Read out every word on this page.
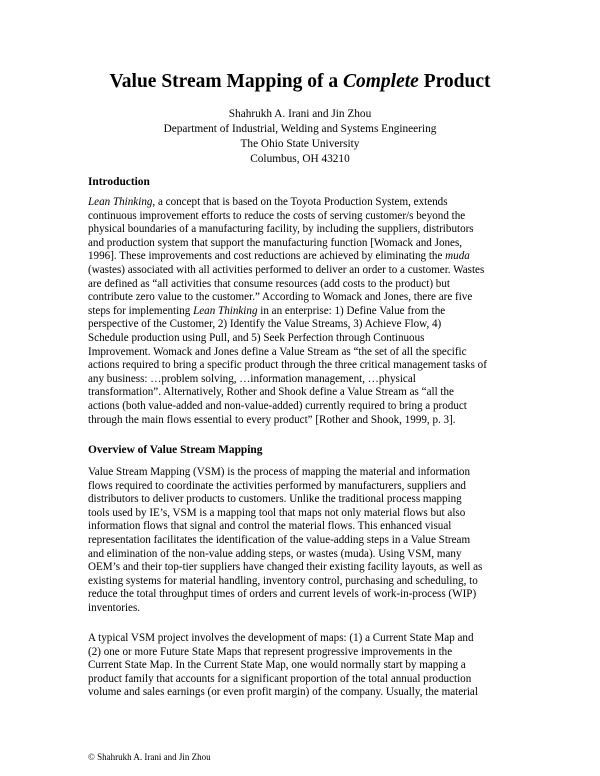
Value Stream Mapping of a Complete Product
Shahrukh A. Irani and Jin Zhou
Department of Industrial, Welding and Systems Engineering
The Ohio State University
Columbus, OH 43210
Introduction
Lean Thinking, a concept that is based on the Toyota Production System, extends
continuous improvement efforts to reduce the costs of serving customer/s beyond the
physical boundaries of a manufacturing facility, by including the suppliers, distributors
and production system that support the manufacturing function [Womack and Jones,
1996]. These improvements and cost reductions are achieved by eliminating the muda
(wastes) associated with all activities performed to deliver an order to a customer. Wastes
are defined as “all activities that consume resources (add costs to the product) but
contribute zero value to the customer.” According to Womack and Jones, there are five
steps for implementing Lean Thinking in an enterprise: 1) Define Value from the
perspective of the Customer, 2) Identify the Value Streams, 3) Achieve Flow, 4)
Schedule production using Pull, and 5) Seek Perfection through Continuous
Improvement. Womack and Jones define a Value Stream as “the set of all the specific
actions required to bring a specific product through the three critical management tasks of
any business: …problem solving, …information management, …physical
transformation”. Alternatively, Rother and Shook define a Value Stream as “all the
actions (both value-added and non-value-added) currently required to bring a product
through the main flows essential to every product” [Rother and Shook, 1999, p. 3].
Overview of Value Stream Mapping
Value Stream Mapping (VSM) is the process of mapping the material and information
flows required to coordinate the activities performed by manufacturers, suppliers and
distributors to deliver products to customers. Unlike the traditional process mapping
tools used by IE’s, VSM is a mapping tool that maps not only material flows but also
information flows that signal and control the material flows. This enhanced visual
representation facilitates the identification of the value-adding steps in a Value Stream
and elimination of the non-value adding steps, or wastes (muda). Using VSM, many
OEM’s and their top-tier suppliers have changed their existing facility layouts, as well as
existing systems for material handling, inventory control, purchasing and scheduling, to
reduce the total throughput times of orders and current levels of work-in-process (WIP)
inventories.
A typical VSM project involves the development of maps: (1) a Current State Map and
(2) one or more Future State Maps that represent progressive improvements in the
Current State Map. In the Current State Map, one would normally start by mapping a
product family that accounts for a significant proportion of the total annual production
volume and sales earnings (or even profit margin) of the company. Usually, the material
© Shahrukh A. Irani and Jin Zhou
